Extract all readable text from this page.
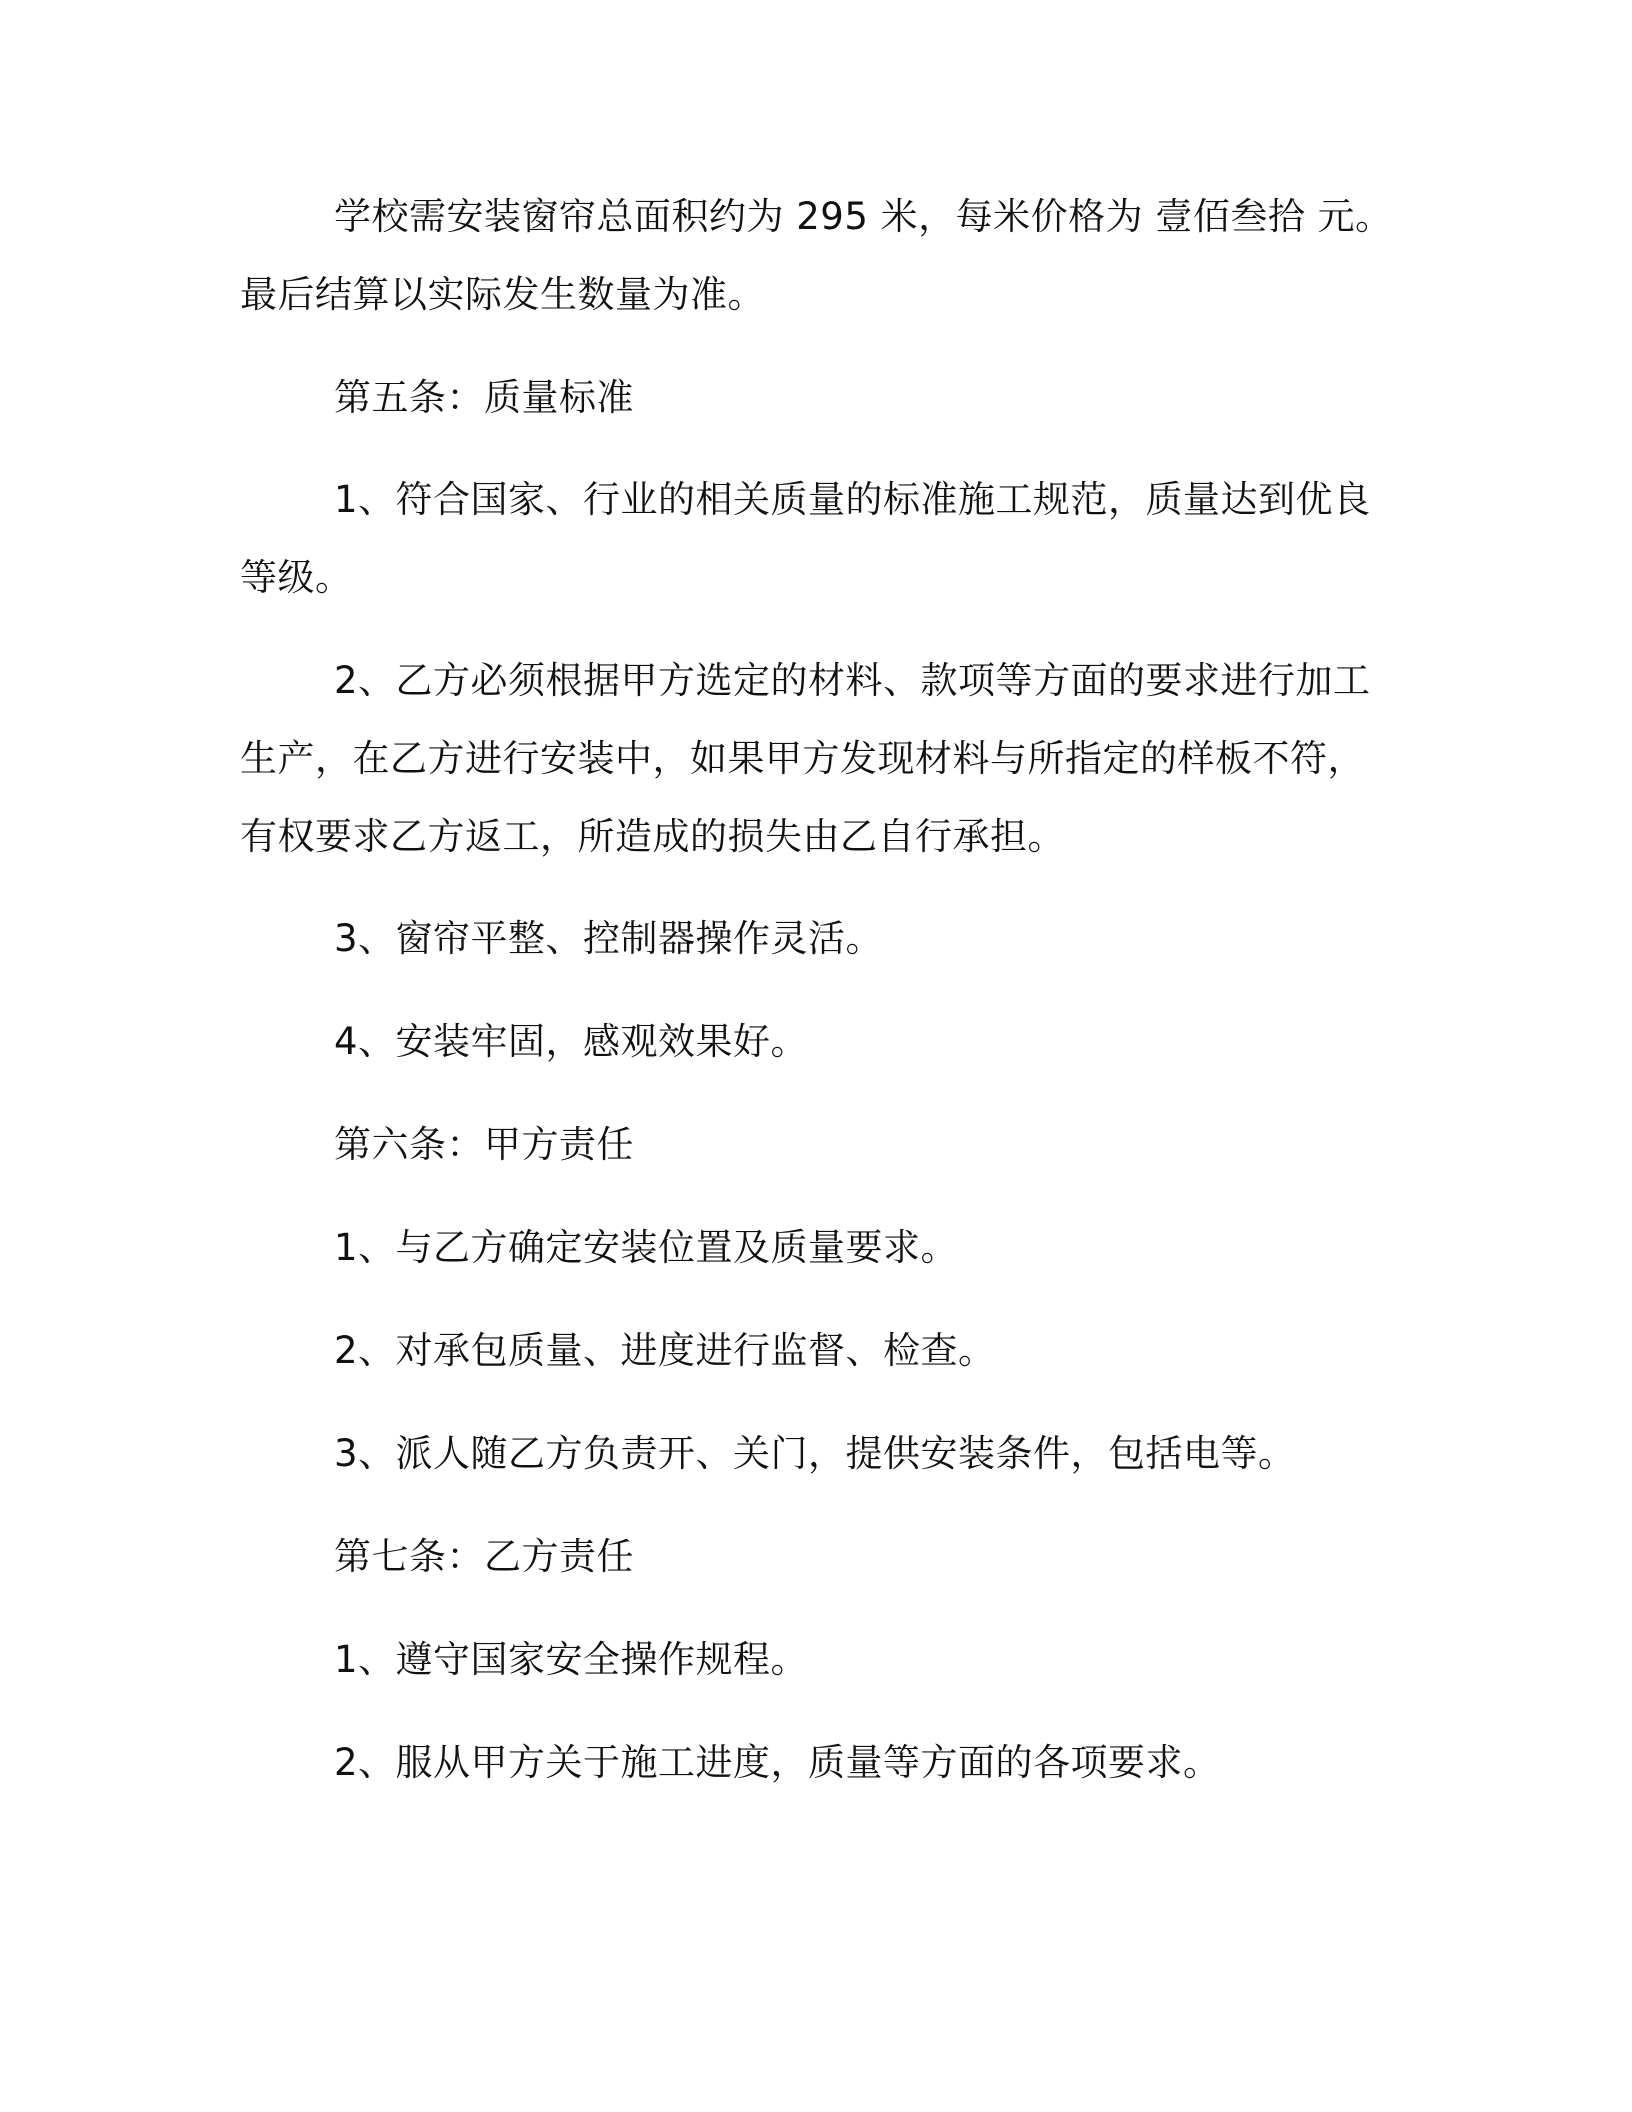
学校需安装窗帘总面积约为 295 米，每米价格为 壹佰叁拾 元。
最后结算以实际发生数量为准。
第五条：质量标准
1、符合国家、行业的相关质量的标准施工规范，质量达到优良
等级。
2、乙方必须根据甲方选定的材料、款项等方面的要求进行加工
生产，在乙方进行安装中，如果甲方发现材料与所指定的样板不符，
有权要求乙方返工，所造成的损失由乙自行承担。
3、窗帘平整、控制器操作灵活。
4、安装牢固，感观效果好。
第六条：甲方责任
1、与乙方确定安装位置及质量要求。
2、对承包质量、进度进行监督、检查。
3、派人随乙方负责开、关门，提供安装条件，包括电等。
第七条：乙方责任
1、遵守国家安全操作规程。
2、服从甲方关于施工进度，质量等方面的各项要求。
